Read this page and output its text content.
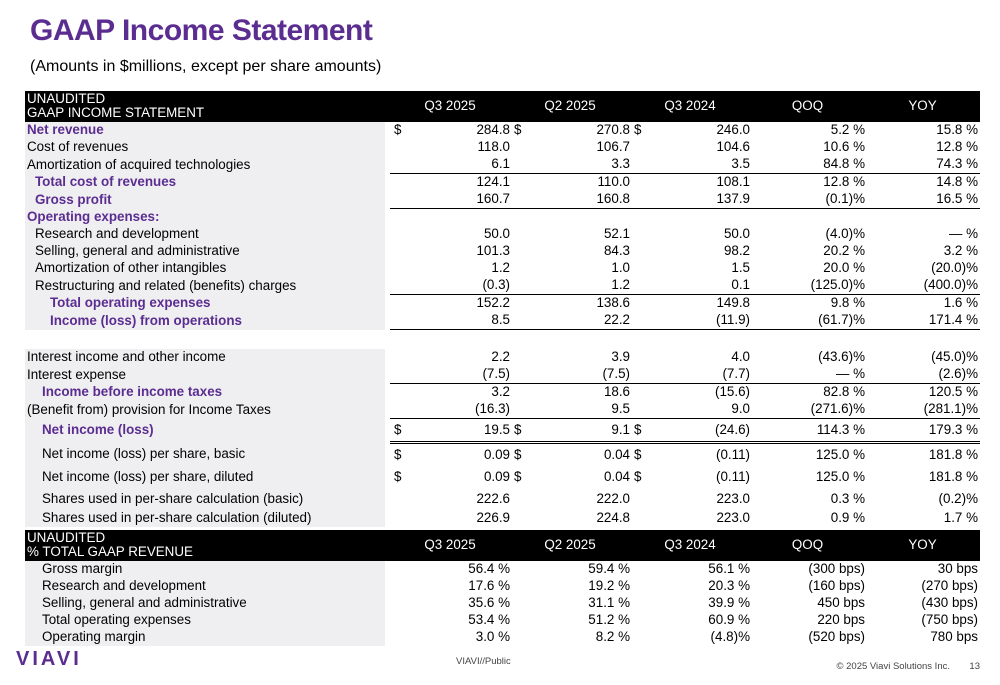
GAAP Income Statement
(Amounts in $millions, except per share amounts)
UNAUDITED
GAAP INCOME STATEMENT		Q3 2025		Q2 2025		Q3 2024		QOQ	YOY
Net revenue		$	284.8	$	270.8	$	246.0	5.2 %	15.8 %
Cost of revenues			118.0		106.7		104.6	10.6 %	12.8 %
Amortization of acquired technologies			6.1		3.3		3.5	84.8 %	74.3 %
Total cost of revenues			124.1		110.0		108.1	12.8 %	14.8 %
Gross profit			160.7		160.8		137.9	(0.1)%	16.5 %
Operating expenses:									
Research and development			50.0		52.1		50.0	(4.0)%	— %
Selling, general and administrative			101.3		84.3		98.2	20.2 %	3.2 %
Amortization of other intangibles			1.2		1.0		1.5	20.0 %	(20.0)%
Restructuring and related (benefits) charges			(0.3)		1.2		0.1	(125.0)%	(400.0)%
Total operating expenses			152.2		138.6		149.8	9.8 %	1.6 %
Income (loss) from operations			8.5		22.2		(11.9)	(61.7)%	171.4 %

Interest income and other income			2.2		3.9		4.0	(43.6)%	(45.0)%
Interest expense			(7.5)		(7.5)		(7.7)	— %	(2.6)%
Income before income taxes			3.2		18.6		(15.6)	82.8 %	120.5 %
(Benefit from) provision for Income Taxes			(16.3)		9.5		9.0	(271.6)%	(281.1)%
Net income (loss)		$	19.5	$	9.1	$	(24.6)	114.3 %	179.3 %
Net income (loss) per share, basic		$	0.09	$	0.04	$	(0.11)	125.0 %	181.8 %
Net income (loss) per share, diluted		$	0.09	$	0.04	$	(0.11)	125.0 %	181.8 %
Shares used in per-share calculation (basic)			222.6		222.0		223.0	0.3 %	(0.2)%
Shares used in per-share calculation (diluted)			226.9		224.8		223.0	0.9 %	1.7 %
UNAUDITED
% TOTAL GAAP REVENUE		Q3 2025		Q2 2025		Q3 2024		QOQ	YOY
Gross margin			56.4 %		59.4 %		56.1 %	(300 bps)	30 bps
Research and development			17.6 %		19.2 %		20.3 %	(160 bps)	(270 bps)
Selling, general and administrative			35.6 %		31.1 %		39.9 %	450 bps	(430 bps)
Total operating expenses			53.4 %		51.2 %		60.9 %	220 bps	(750 bps)
Operating margin			3.0 %		8.2 %		(4.8)%	(520 bps)	780 bps
VIAVI	VIAVI//Public	© 2025 Viavi Solutions Inc. 13
